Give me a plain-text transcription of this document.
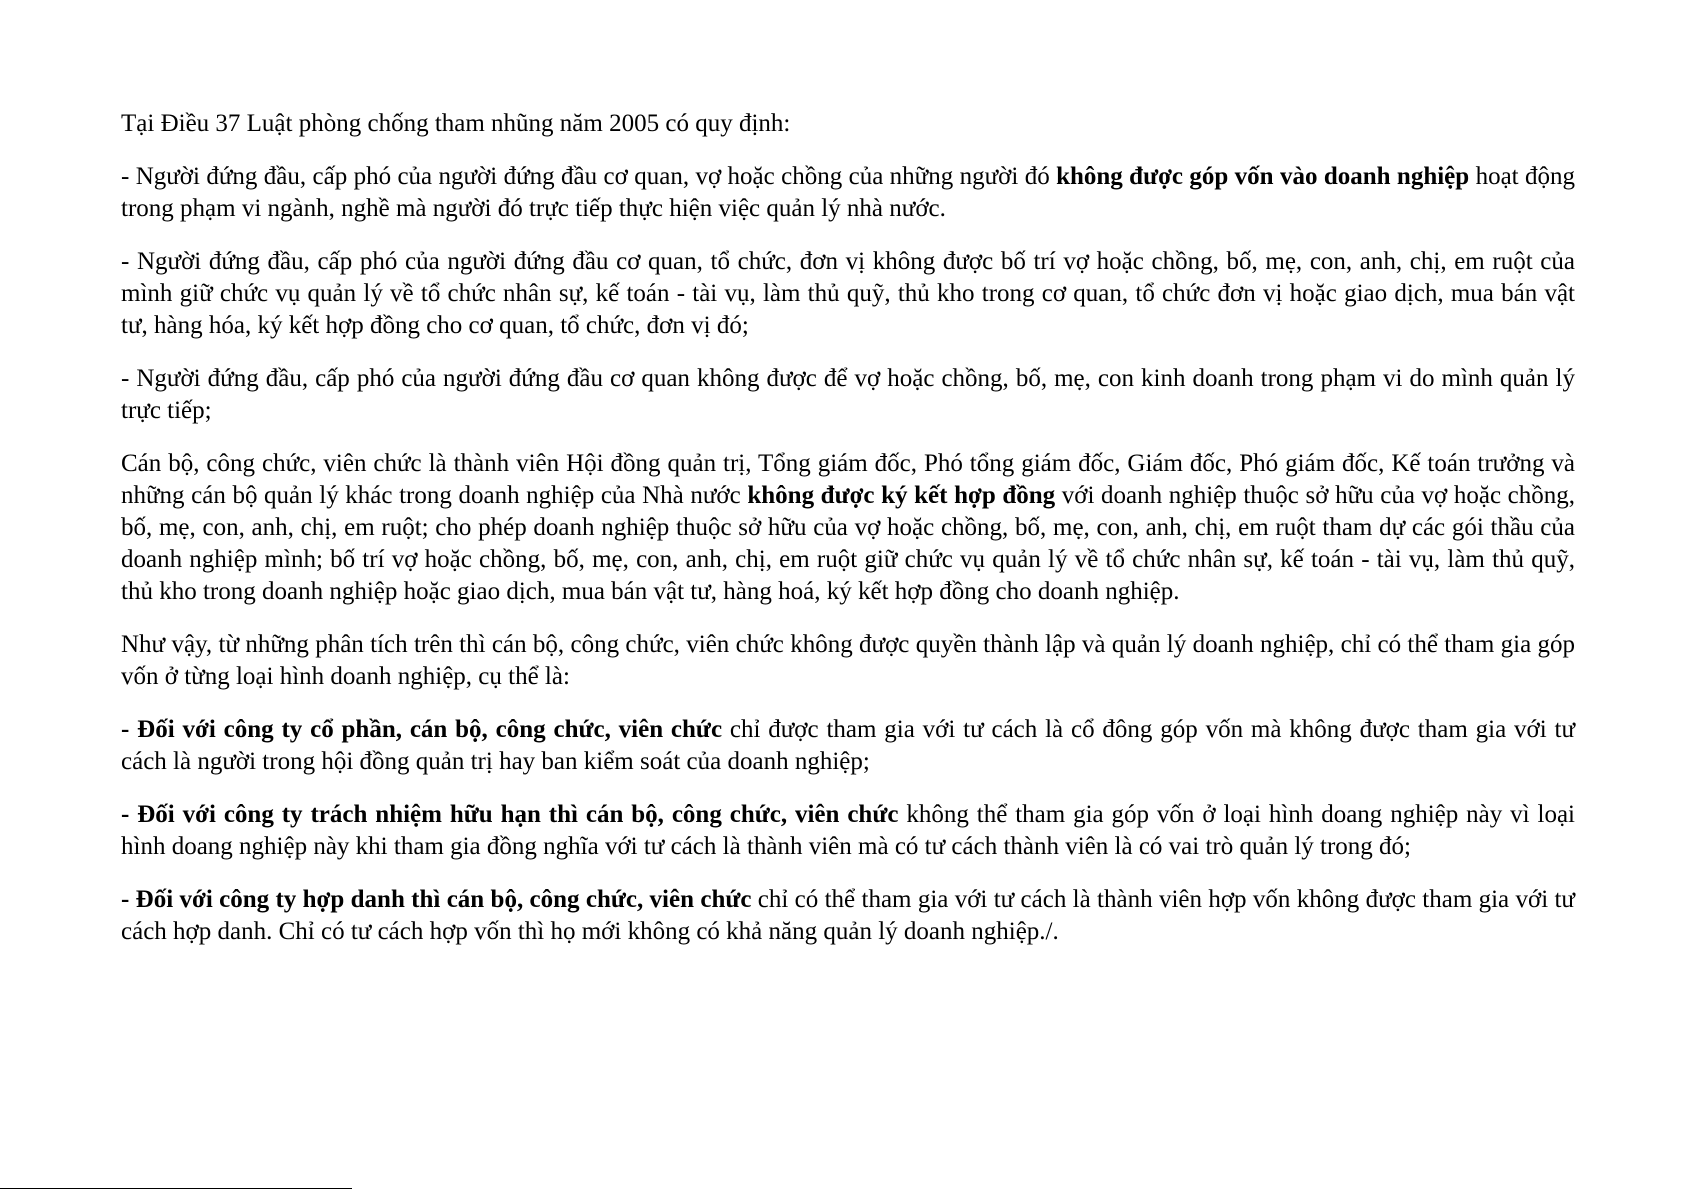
Tại Điều 37 Luật phòng chống tham nhũng năm 2005 có quy định:

- Người đứng đầu, cấp phó của người đứng đầu cơ quan, vợ hoặc chồng của những người đó không được góp vốn vào doanh nghiệp hoạt động trong phạm vi ngành, nghề mà người đó trực tiếp thực hiện việc quản lý nhà nước.

- Người đứng đầu, cấp phó của người đứng đầu cơ quan, tổ chức, đơn vị không được bố trí vợ hoặc chồng, bố, mẹ, con, anh, chị, em ruột của mình giữ chức vụ quản lý về tổ chức nhân sự, kế toán - tài vụ, làm thủ quỹ, thủ kho trong cơ quan, tổ chức đơn vị hoặc giao dịch, mua bán vật tư, hàng hóa, ký kết hợp đồng cho cơ quan, tổ chức, đơn vị đó;

- Người đứng đầu, cấp phó của người đứng đầu cơ quan không được để vợ hoặc chồng, bố, mẹ, con kinh doanh trong phạm vi do mình quản lý trực tiếp;

Cán bộ, công chức, viên chức là thành viên Hội đồng quản trị, Tổng giám đốc, Phó tổng giám đốc, Giám đốc, Phó giám đốc, Kế toán trưởng và những cán bộ quản lý khác trong doanh nghiệp của Nhà nước không được ký kết hợp đồng với doanh nghiệp thuộc sở hữu của vợ hoặc chồng, bố, mẹ, con, anh, chị, em ruột; cho phép doanh nghiệp thuộc sở hữu của vợ hoặc chồng, bố, mẹ, con, anh, chị, em ruột tham dự các gói thầu của doanh nghiệp mình; bố trí vợ hoặc chồng, bố, mẹ, con, anh, chị, em ruột giữ chức vụ quản lý về tổ chức nhân sự, kế toán - tài vụ, làm thủ quỹ, thủ kho trong doanh nghiệp hoặc giao dịch, mua bán vật tư, hàng hoá, ký kết hợp đồng cho doanh nghiệp.

Như vậy, từ những phân tích trên thì cán bộ, công chức, viên chức không được quyền thành lập và quản lý doanh nghiệp, chỉ có thể tham gia góp vốn ở từng loại hình doanh nghiệp, cụ thể là:

- Đối với công ty cổ phần, cán bộ, công chức, viên chức chỉ được tham gia với tư cách là cổ đông góp vốn mà không được tham gia với tư cách là người trong hội đồng quản trị hay ban kiểm soát của doanh nghiệp;

- Đối với công ty trách nhiệm hữu hạn thì cán bộ, công chức, viên chức không thể tham gia góp vốn ở loại hình doang nghiệp này vì loại hình doang nghiệp này khi tham gia đồng nghĩa với tư cách là thành viên mà có tư cách thành viên là có vai trò quản lý trong đó;

- Đối với công ty hợp danh thì cán bộ, công chức, viên chức chỉ có thể tham gia với tư cách là thành viên hợp vốn không được tham gia với tư cách hợp danh. Chỉ có tư cách hợp vốn thì họ mới không có khả năng quản lý doanh nghiệp./.
